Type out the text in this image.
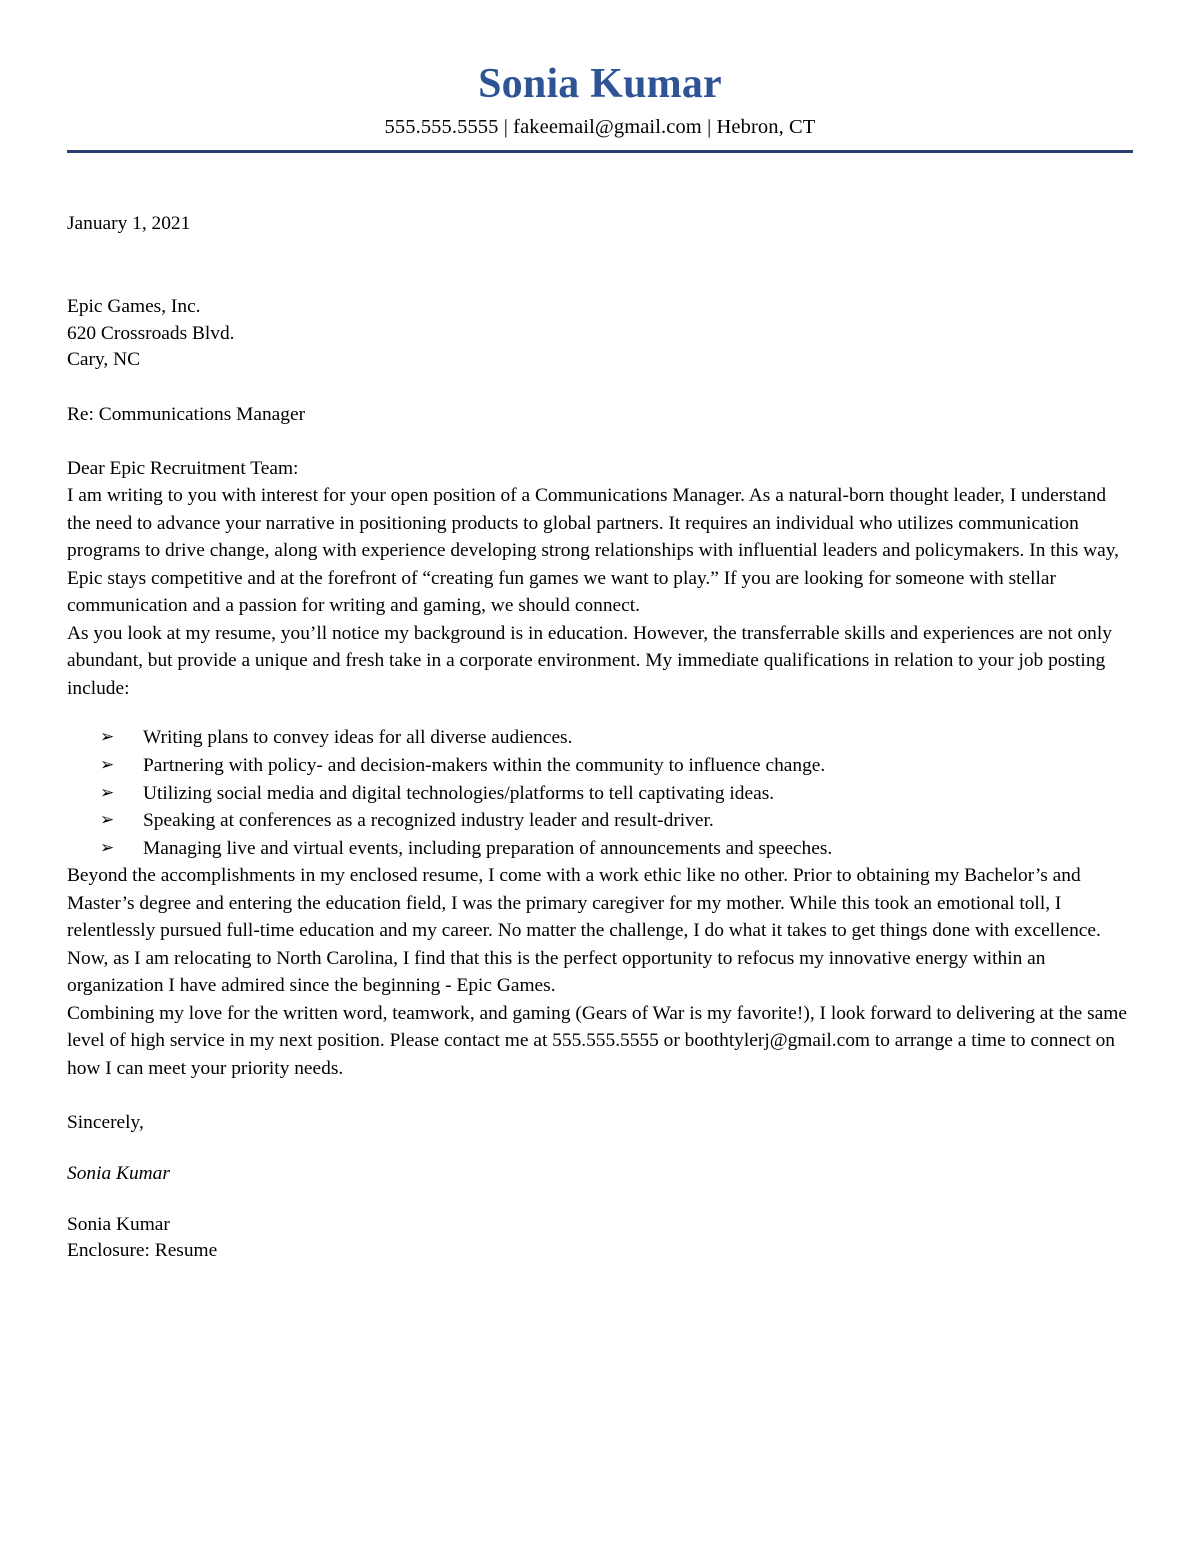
Sonia Kumar
555.555.5555 | fakeemail@gmail.com | Hebron, CT
January 1, 2021
Epic Games, Inc.
620 Crossroads Blvd.
Cary, NC
Re: Communications Manager
Dear Epic Recruitment Team:

I am writing to you with interest for your open position of a Communications Manager. As a natural-born thought leader, I understand the need to advance your narrative in positioning products to global partners. It requires an individual who utilizes communication programs to drive change, along with experience developing strong relationships with influential leaders and policymakers. In this way, Epic stays competitive and at the forefront of “creating fun games we want to play.” If you are looking for someone with stellar communication and a passion for writing and gaming, we should connect.

As you look at my resume, you’ll notice my background is in education. However, the transferrable skills and experiences are not only abundant, but provide a unique and fresh take in a corporate environment. My immediate qualifications in relation to your job posting include:

➢ Writing plans to convey ideas for all diverse audiences.
➢ Partnering with policy- and decision-makers within the community to influence change.
➢ Utilizing social media and digital technologies/platforms to tell captivating ideas.
➢ Speaking at conferences as a recognized industry leader and result-driver.
➢ Managing live and virtual events, including preparation of announcements and speeches.

Beyond the accomplishments in my enclosed resume, I come with a work ethic like no other. Prior to obtaining my Bachelor’s and Master’s degree and entering the education field, I was the primary caregiver for my mother. While this took an emotional toll, I relentlessly pursued full-time education and my career. No matter the challenge, I do what it takes to get things done with excellence. Now, as I am relocating to North Carolina, I find that this is the perfect opportunity to refocus my innovative energy within an organization I have admired since the beginning - Epic Games.

Combining my love for the written word, teamwork, and gaming (Gears of War is my favorite!), I look forward to delivering at the same level of high service in my next position. Please contact me at 555.555.5555 or boothtylerj@gmail.com to arrange a time to connect on how I can meet your priority needs.

Sincerely,
Sonia Kumar
Sonia Kumar
Enclosure: Resume
